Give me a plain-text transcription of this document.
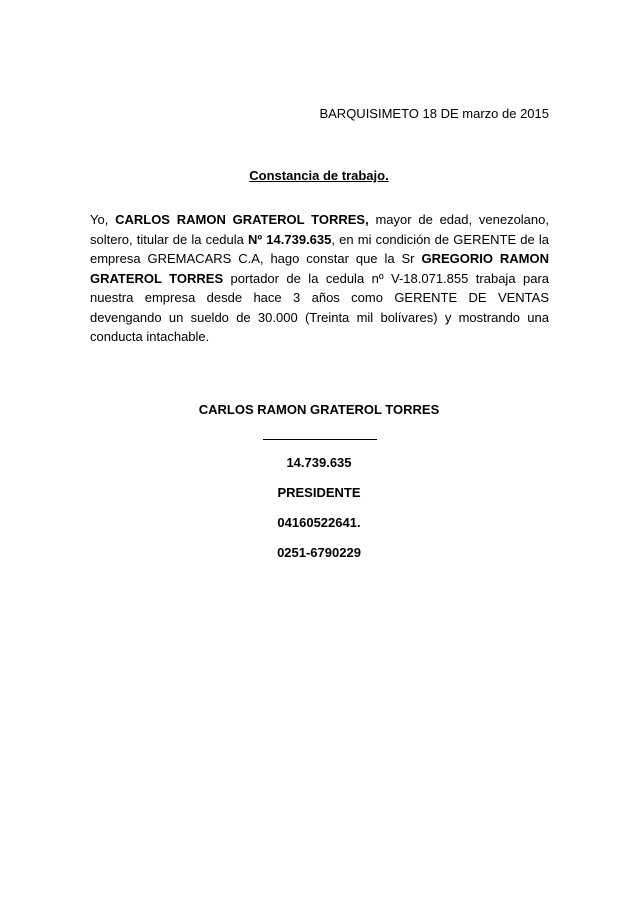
BARQUISIMETO 18 DE marzo de 2015
Constancia de trabajo.
Yo, CARLOS RAMON GRATEROL TORRES, mayor de edad, venezolano, soltero, titular de la cedula Nº 14.739.635, en mi condición de GERENTE de la empresa GREMACARS C.A, hago constar que la Sr GREGORIO RAMON GRATEROL TORRES portador de la cedula nº V-18.071.855 trabaja para nuestra empresa desde hace 3 años como GERENTE DE VENTAS devengando un sueldo de 30.000 (Treinta mil bolívares) y mostrando una conducta intachable.
CARLOS RAMON GRATEROL TORRES
14.739.635
PRESIDENTE
04160522641.
0251-6790229
